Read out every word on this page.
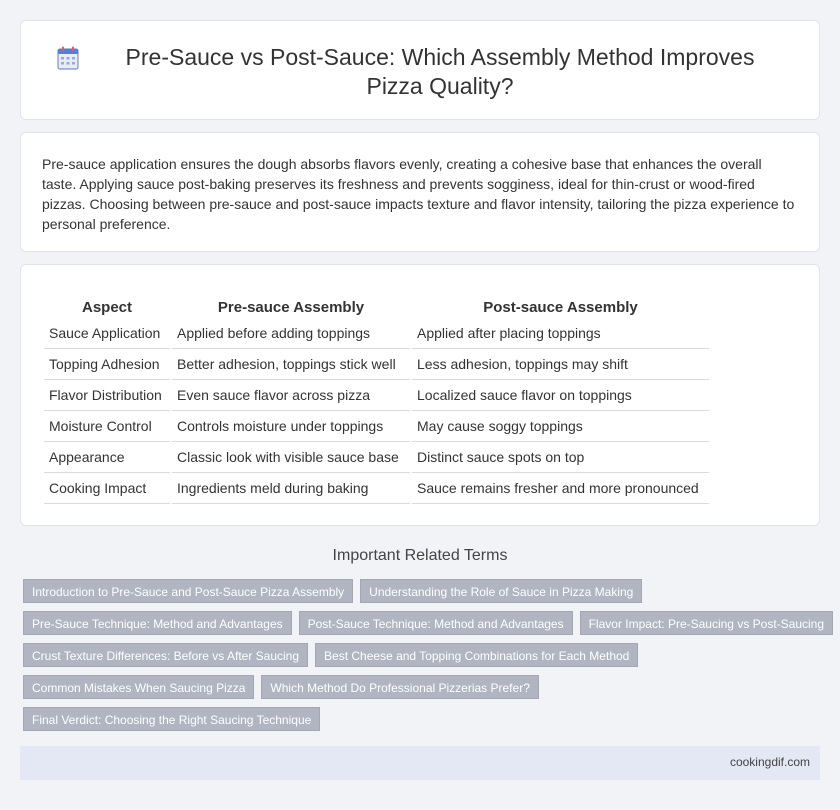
Pre-Sauce vs Post-Sauce: Which Assembly Method Improves Pizza Quality?

Pre-sauce application ensures the dough absorbs flavors evenly, creating a cohesive base that enhances the overall taste. Applying sauce post-baking preserves its freshness and prevents sogginess, ideal for thin-crust or wood-fired pizzas. Choosing between pre-sauce and post-sauce impacts texture and flavor intensity, tailoring the pizza experience to personal preference.

Aspect	Pre-sauce Assembly	Post-sauce Assembly
Sauce Application	Applied before adding toppings	Applied after placing toppings
Topping Adhesion	Better adhesion, toppings stick well	Less adhesion, toppings may shift
Flavor Distribution	Even sauce flavor across pizza	Localized sauce flavor on toppings
Moisture Control	Controls moisture under toppings	May cause soggy toppings
Appearance	Classic look with visible sauce base	Distinct sauce spots on top
Cooking Impact	Ingredients meld during baking	Sauce remains fresher and more pronounced
Important Related Terms
Introduction to Pre-Sauce and Post-Sauce Pizza Assembly	Understanding the Role of Sauce in Pizza Making
Pre-Sauce Technique: Method and Advantages	Post-Sauce Technique: Method and Advantages	Flavor Impact: Pre-Saucing vs Post-Saucing
Crust Texture Differences: Before vs After Saucing	Best Cheese and Topping Combinations for Each Method
Common Mistakes When Saucing Pizza	Which Method Do Professional Pizzerias Prefer?
Final Verdict: Choosing the Right Saucing Technique
cookingdif.com
